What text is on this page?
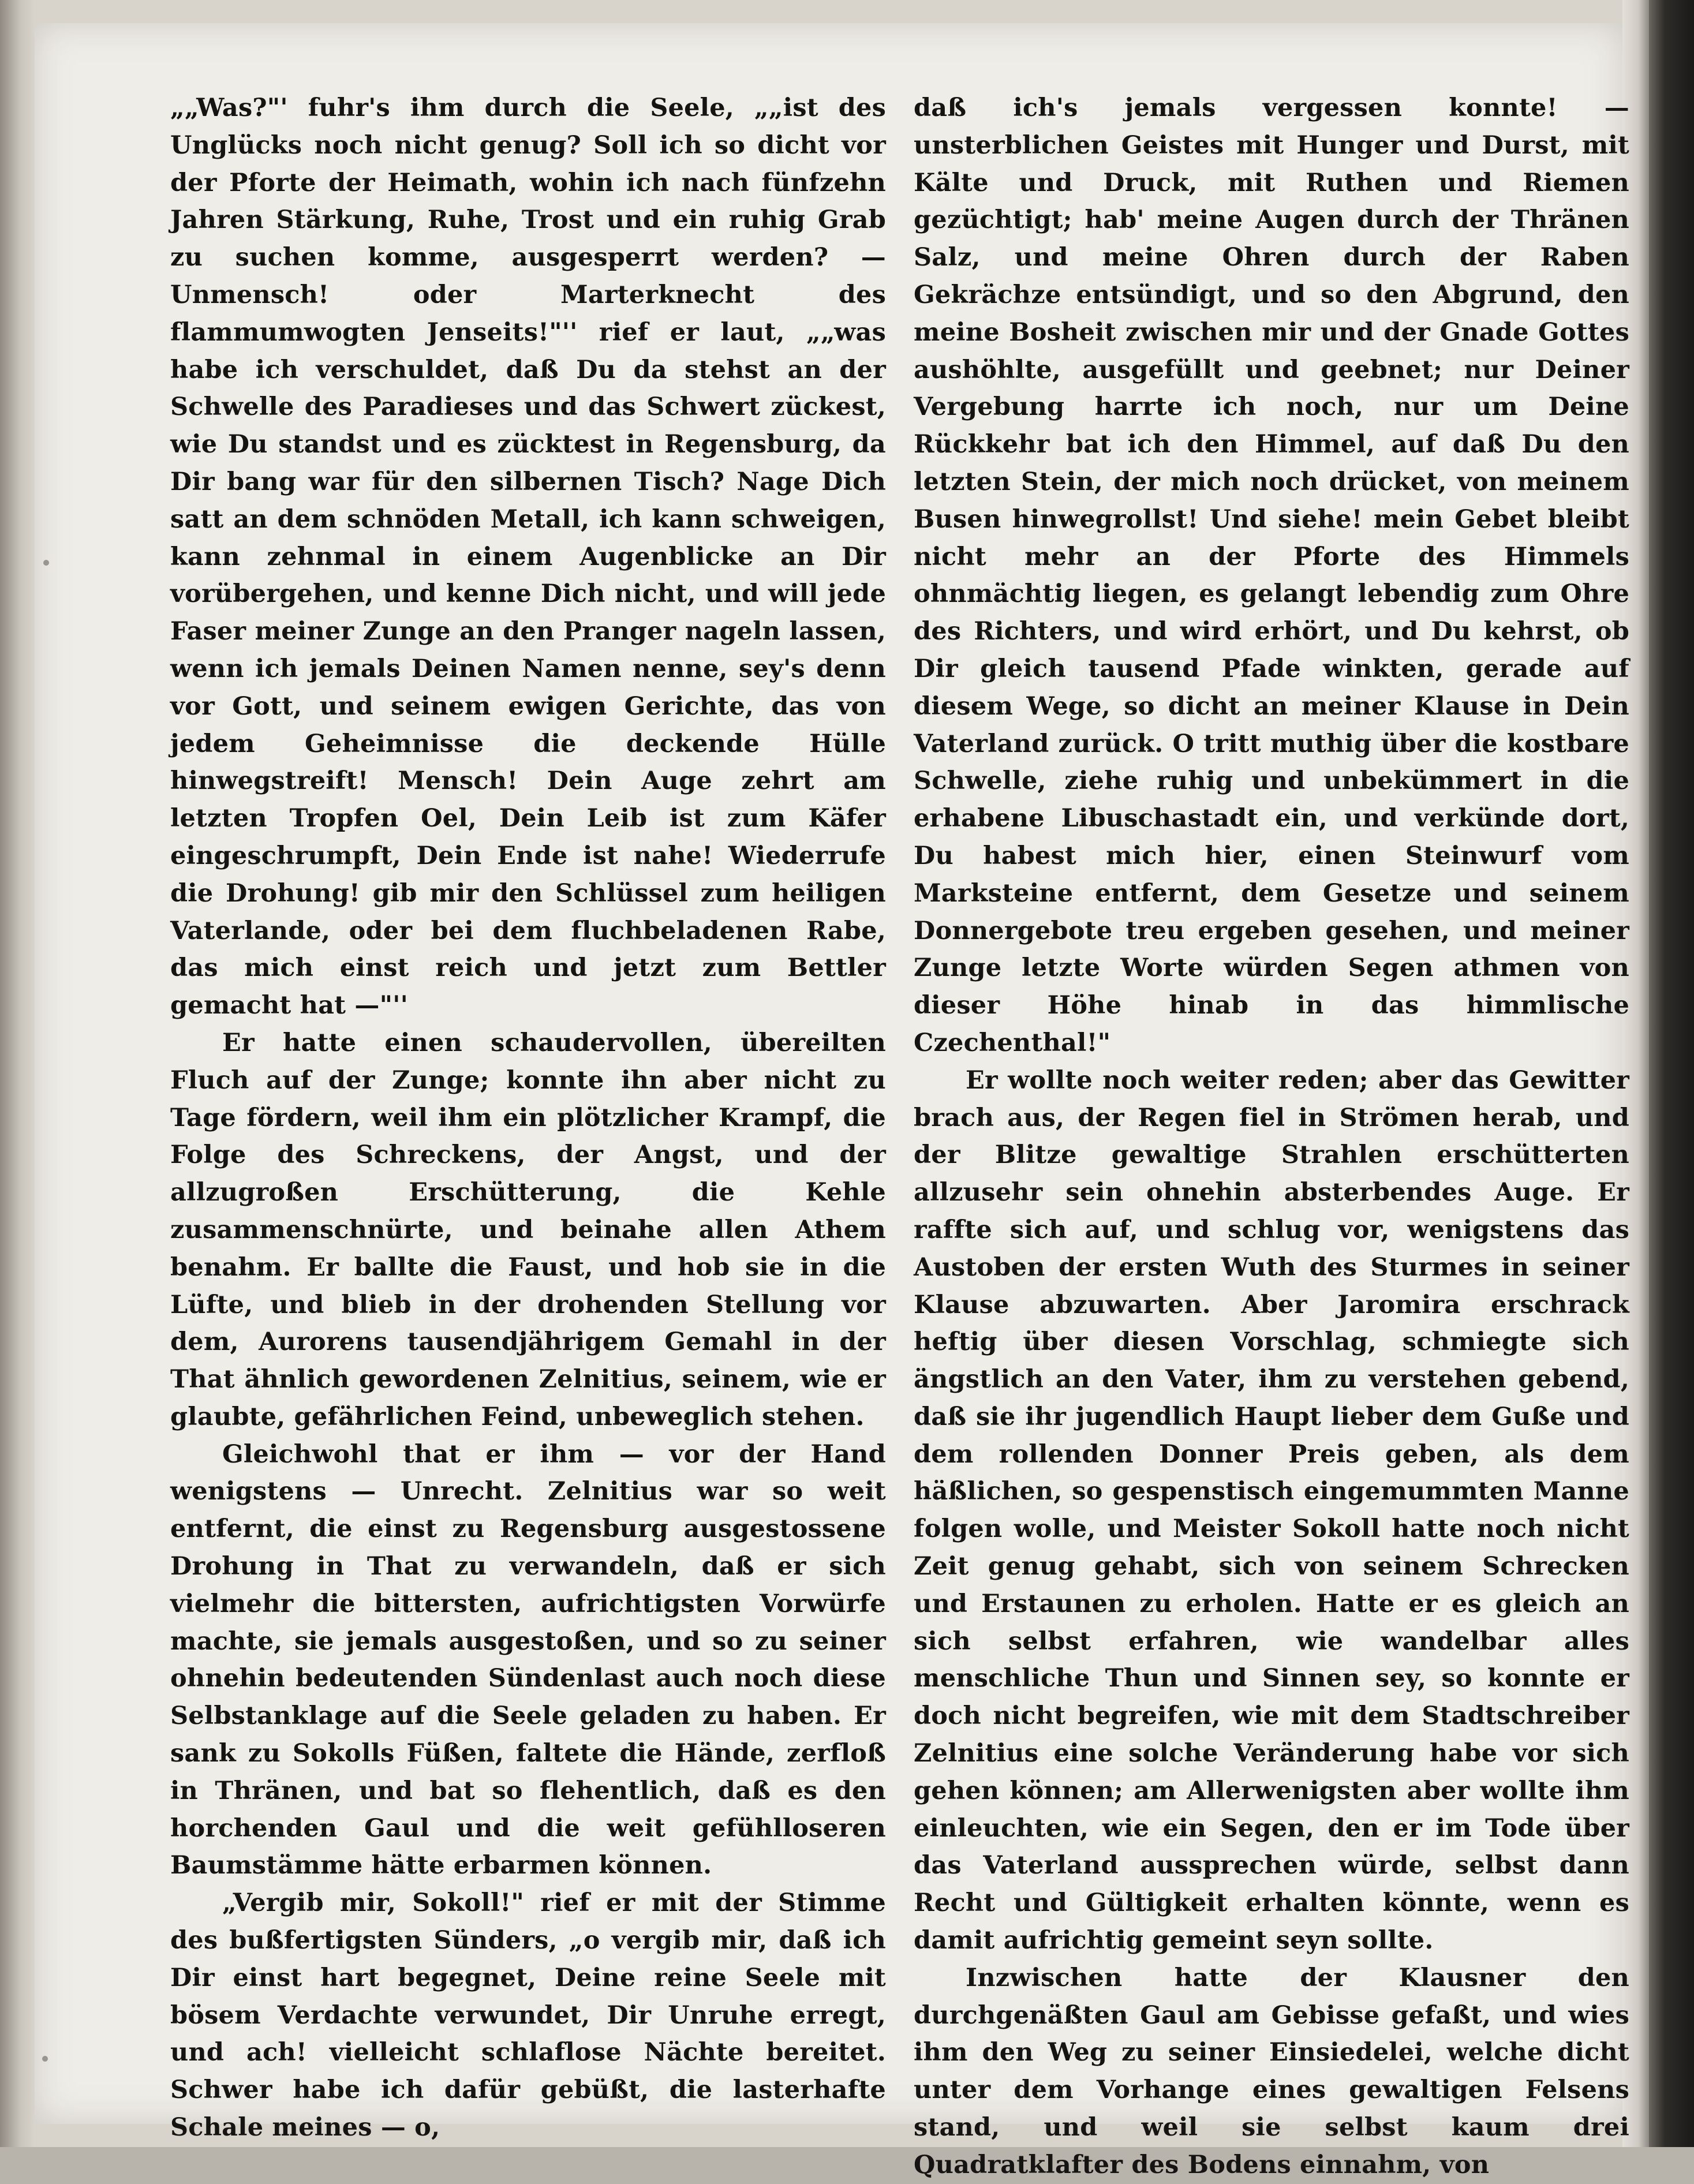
„„Was?"' fuhr's ihm durch die Seele, „„ist des Unglücks noch nicht genug? Soll ich so dicht vor der Pforte der Heimath, wohin ich nach fünfzehn Jahren Stärkung, Ruhe, Trost und ein ruhig Grab zu suchen komme, ausgesperrt werden? — Unmensch! oder Marterknecht des flammumwogten Jenseits!"'' rief er laut, „„was habe ich verschuldet, daß Du da stehst an der Schwelle des Paradieses und das Schwert zückest, wie Du standst und es zücktest in Regensburg, da Dir bang war für den silbernen Tisch? Nage Dich satt an dem schnöden Metall, ich kann schweigen, kann zehnmal in einem Augenblicke an Dir vorübergehen, und kenne Dich nicht, und will jede Faser meiner Zunge an den Pranger nageln lassen, wenn ich jemals Deinen Namen nenne, sey's denn vor Gott, und seinem ewigen Gerichte, das von jedem Geheimnisse die deckende Hülle hinwegstreift! Mensch! Dein Auge zehrt am letzten Tropfen Oel, Dein Leib ist zum Käfer eingeschrumpft, Dein Ende ist nahe! Wiederrufe die Drohung! gib mir den Schlüssel zum heiligen Vaterlande, oder bei dem fluchbeladenen Rabe, das mich einst reich und jetzt zum Bettler gemacht hat —"''

Er hatte einen schaudervollen, übereilten Fluch auf der Zunge; konnte ihn aber nicht zu Tage fördern, weil ihm ein plötzlicher Krampf, die Folge des Schreckens, der Angst, und der allzugroßen Erschütterung, die Kehle zusammenschnürte, und beinahe allen Athem benahm. Er ballte die Faust, und hob sie in die Lüfte, und blieb in der drohenden Stellung vor dem, Aurorens tausendjährigem Gemahl in der That ähnlich gewordenen Zelnitius, seinem, wie er glaubte, gefährlichen Feind, unbeweglich stehen.

Gleichwohl that er ihm — vor der Hand wenigstens — Unrecht. Zelnitius war so weit entfernt, die einst zu Regensburg ausgestossene Drohung in That zu verwandeln, daß er sich vielmehr die bittersten, aufrichtigsten Vorwürfe machte, sie jemals ausgestoßen, und so zu seiner ohnehin bedeutenden Sündenlast auch noch diese Selbstanklage auf die Seele geladen zu haben. Er sank zu Sokolls Füßen, faltete die Hände, zerfloß in Thränen, und bat so flehentlich, daß es den horchenden Gaul und die weit gefühlloseren Baumstämme hätte erbarmen können.

„Vergib mir, Sokoll!" rief er mit der Stimme des bußfertigsten Sünders, „o vergib mir, daß ich Dir einst hart begegnet, Deine reine Seele mit bösem Verdachte verwundet, Dir Unruhe erregt, und ach! vielleicht schlaflose Nächte bereitet. Schwer habe ich dafür gebüßt, die lasterhafte Schale meines — o,

daß ich's jemals vergessen konnte! — unsterblichen Geistes mit Hunger und Durst, mit Kälte und Druck, mit Ruthen und Riemen gezüchtigt; hab' meine Augen durch der Thränen Salz, und meine Ohren durch der Raben Gekrächze entsündigt, und so den Abgrund, den meine Bosheit zwischen mir und der Gnade Gottes aushöhlte, ausgefüllt und geebnet; nur Deiner Vergebung harrte ich noch, nur um Deine Rückkehr bat ich den Himmel, auf daß Du den letzten Stein, der mich noch drücket, von meinem Busen hinwegrollst! Und siehe! mein Gebet bleibt nicht mehr an der Pforte des Himmels ohnmächtig liegen, es gelangt lebendig zum Ohre des Richters, und wird erhört, und Du kehrst, ob Dir gleich tausend Pfade winkten, gerade auf diesem Wege, so dicht an meiner Klause in Dein Vaterland zurück. O tritt muthig über die kostbare Schwelle, ziehe ruhig und unbekümmert in die erhabene Libuschastadt ein, und verkünde dort, Du habest mich hier, einen Steinwurf vom Marksteine entfernt, dem Gesetze und seinem Donnergebote treu ergeben gesehen, und meiner Zunge letzte Worte würden Segen athmen von dieser Höhe hinab in das himmlische Czechenthal!"

Er wollte noch weiter reden; aber das Gewitter brach aus, der Regen fiel in Strömen herab, und der Blitze gewaltige Strahlen erschütterten allzusehr sein ohnehin absterbendes Auge. Er raffte sich auf, und schlug vor, wenigstens das Austoben der ersten Wuth des Sturmes in seiner Klause abzuwarten. Aber Jaromira erschrack heftig über diesen Vorschlag, schmiegte sich ängstlich an den Vater, ihm zu verstehen gebend, daß sie ihr jugendlich Haupt lieber dem Guße und dem rollenden Donner Preis geben, als dem häßlichen, so gespenstisch eingemummten Manne folgen wolle, und Meister Sokoll hatte noch nicht Zeit genug gehabt, sich von seinem Schrecken und Erstaunen zu erholen. Hatte er es gleich an sich selbst erfahren, wie wandelbar alles menschliche Thun und Sinnen sey, so konnte er doch nicht begreifen, wie mit dem Stadtschreiber Zelnitius eine solche Veränderung habe vor sich gehen können; am Allerwenigsten aber wollte ihm einleuchten, wie ein Segen, den er im Tode über das Vaterland aussprechen würde, selbst dann Recht und Gültigkeit erhalten könnte, wenn es damit aufrichtig gemeint seyn sollte.

Inzwischen hatte der Klausner den durchgenäßten Gaul am Gebisse gefaßt, und wies ihm den Weg zu seiner Einsiedelei, welche dicht unter dem Vorhange eines gewaltigen Felsens stand, und weil sie selbst kaum drei Quadratklafter des Bodens einnahm, von
